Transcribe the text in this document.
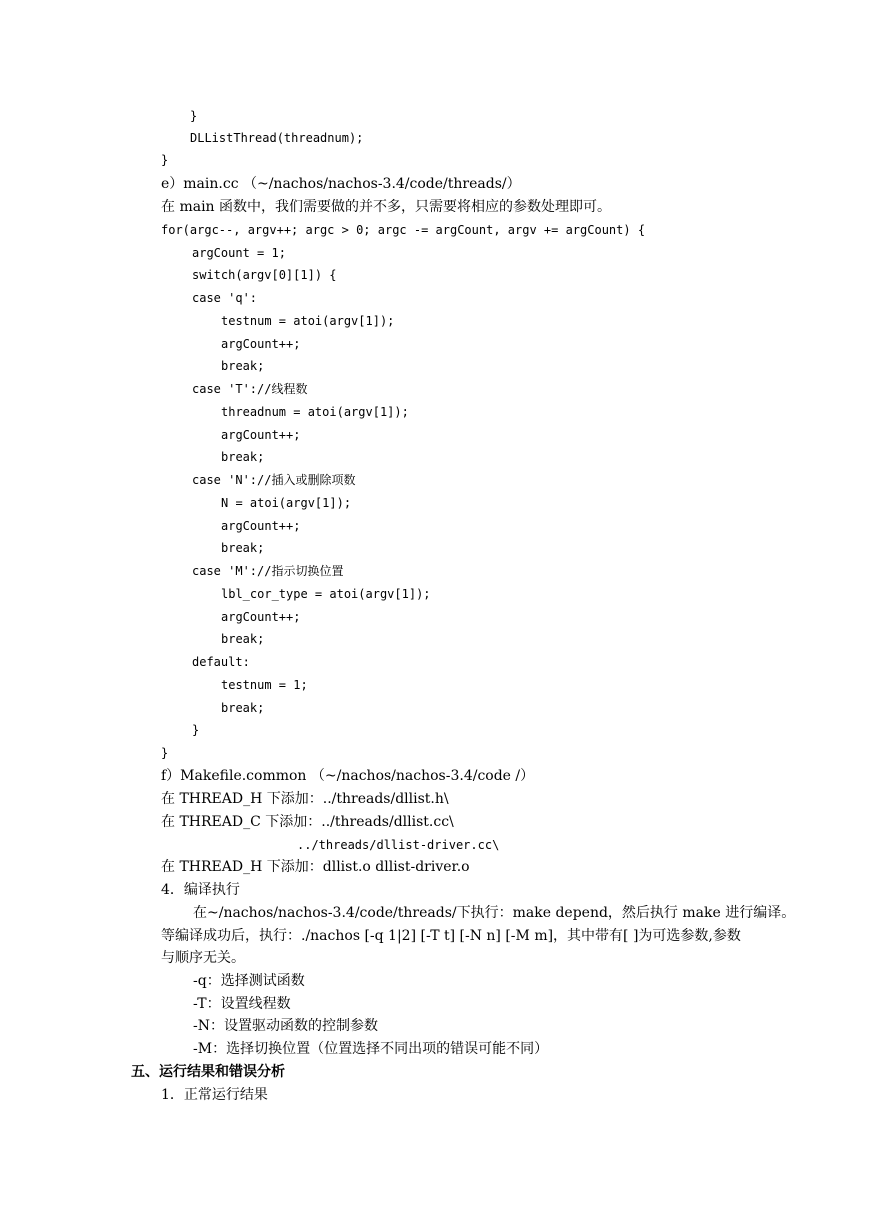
}
DLListThread(threadnum);
}
e）main.cc （~/nachos/nachos-3.4/code/threads/）
在 main 函数中，我们需要做的并不多，只需要将相应的参数处理即可。
for(argc--, argv++; argc > 0; argc -= argCount, argv += argCount) {
argCount = 1;
switch(argv[0][1]) {
case 'q':
testnum = atoi(argv[1]);
argCount++;
break;
case 'T'://线程数
threadnum = atoi(argv[1]);
argCount++;
break;
case 'N'://插入或删除项数
N = atoi(argv[1]);
argCount++;
break;
case 'M'://指示切换位置
lbl_cor_type = atoi(argv[1]);
argCount++;
break;
default:
testnum = 1;
break;
}
}
f）Makefile.common （~/nachos/nachos-3.4/code /）
在 THREAD_H 下添加：../threads/dllist.h\
在 THREAD_C 下添加：../threads/dllist.cc\
../threads/dllist-driver.cc\
在 THREAD_H 下添加：dllist.o dllist-driver.o
4．编译执行
在~/nachos/nachos-3.4/code/threads/下执行：make depend，然后执行 make 进行编译。
等编译成功后，执行：./nachos [-q 1|2] [-T t] [-N n] [-M m]，其中带有[ ]为可选参数,参数
与顺序无关。
-q：选择测试函数
-T：设置线程数
-N：设置驱动函数的控制参数
-M：选择切换位置（位置选择不同出项的错误可能不同）
五、运行结果和错误分析
1．正常运行结果
